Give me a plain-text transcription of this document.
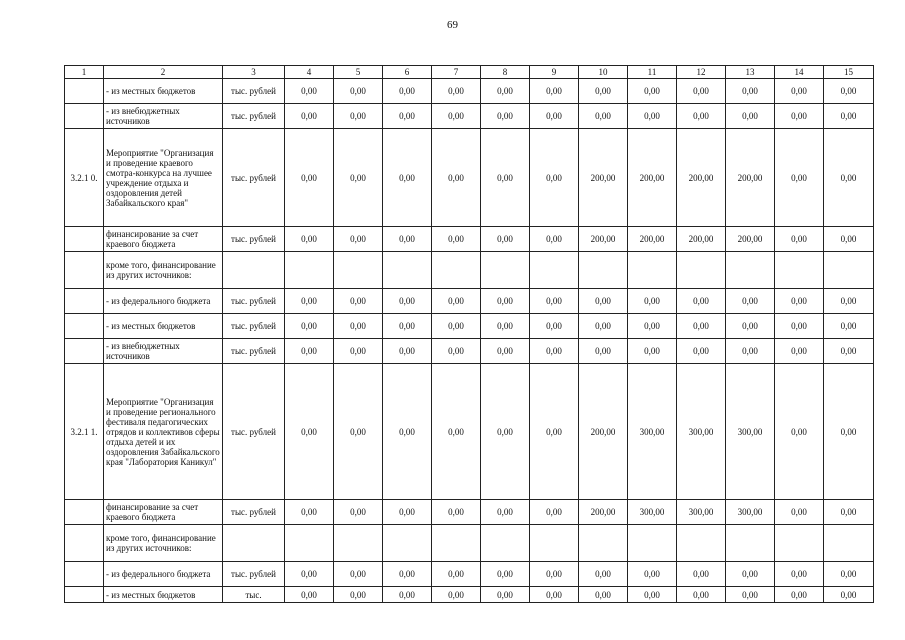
69
1	2	3	4	5	6	7	8	9	10	11	12	13	14	15
	- из местных бюджетов	тыс. рублей	0,00	0,00	0,00	0,00	0,00	0,00	0,00	0,00	0,00	0,00	0,00	0,00
	- из внебюджетных источников	тыс. рублей	0,00	0,00	0,00	0,00	0,00	0,00	0,00	0,00	0,00	0,00	0,00	0,00
3.2.1 0.	Мероприятие "Организация и проведение краевого смотра-конкурса на лучшее учреждение отдыха и оздоровления детей Забайкальского края"	тыс. рублей	0,00	0,00	0,00	0,00	0,00	0,00	200,00	200,00	200,00	200,00	0,00	0,00
	финансирование за счет краевого бюджета	тыс. рублей	0,00	0,00	0,00	0,00	0,00	0,00	200,00	200,00	200,00	200,00	0,00	0,00
	кроме того, финансирование из других источников:													
	- из федерального бюджета	тыс. рублей	0,00	0,00	0,00	0,00	0,00	0,00	0,00	0,00	0,00	0,00	0,00	0,00
	- из местных бюджетов	тыс. рублей	0,00	0,00	0,00	0,00	0,00	0,00	0,00	0,00	0,00	0,00	0,00	0,00
	- из внебюджетных источников	тыс. рублей	0,00	0,00	0,00	0,00	0,00	0,00	0,00	0,00	0,00	0,00	0,00	0,00
3.2.1 1.	Мероприятие "Организация и проведение регионального фестиваля педагогических отрядов и коллективов сферы отдыха детей и их оздоровления Забайкальского края "Лаборатория Каникул"	тыс. рублей	0,00	0,00	0,00	0,00	0,00	0,00	200,00	300,00	300,00	300,00	0,00	0,00
	финансирование за счет краевого бюджета	тыс. рублей	0,00	0,00	0,00	0,00	0,00	0,00	200,00	300,00	300,00	300,00	0,00	0,00
	кроме того, финансирование из других источников:													
	- из федерального бюджета	тыс. рублей	0,00	0,00	0,00	0,00	0,00	0,00	0,00	0,00	0,00	0,00	0,00	0,00
	- из местных бюджетов	тыс.	0,00	0,00	0,00	0,00	0,00	0,00	0,00	0,00	0,00	0,00	0,00	0,00
